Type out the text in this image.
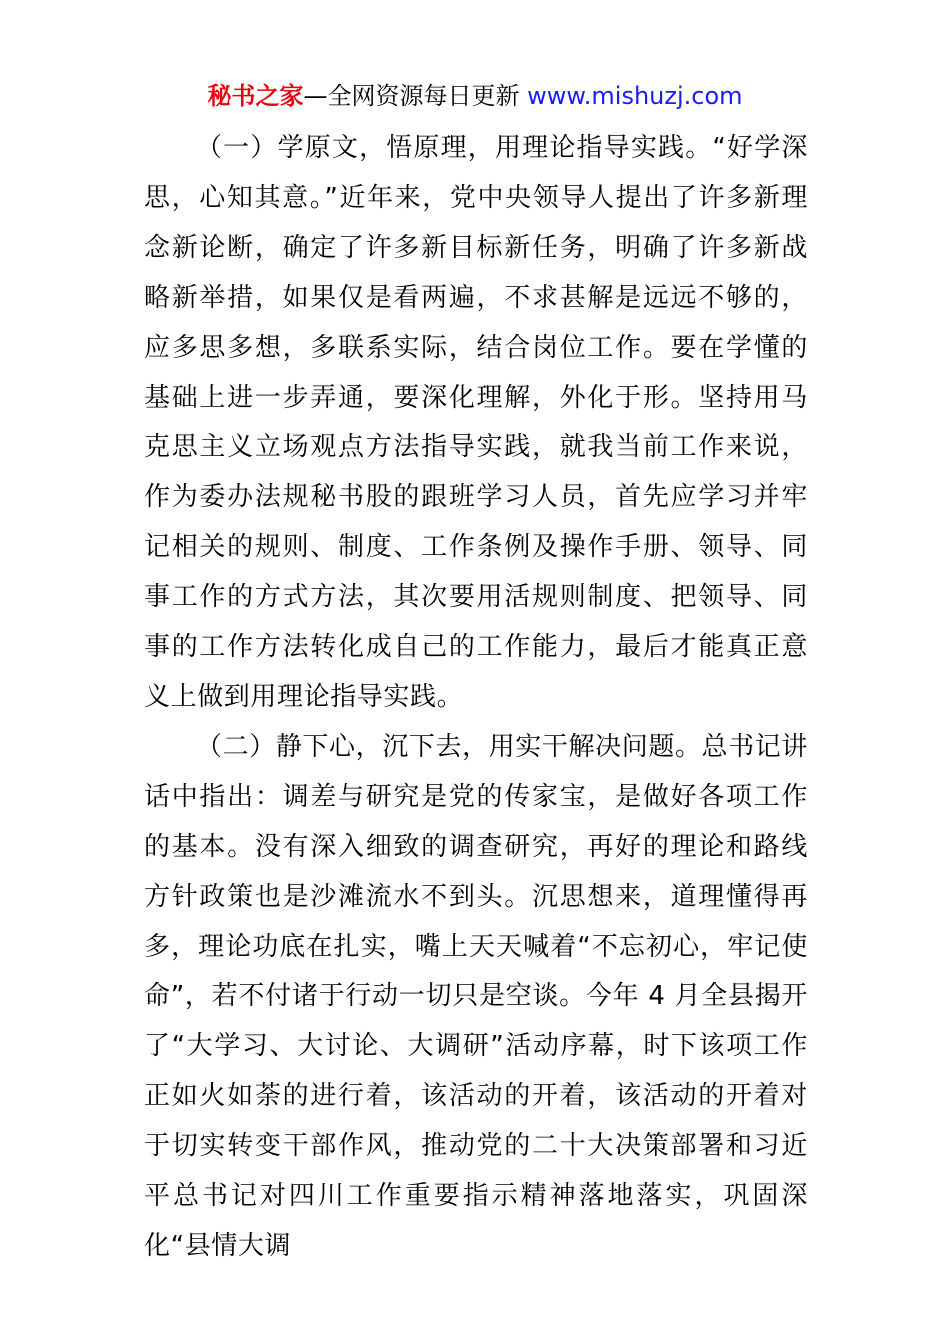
秘书之家—全网资源每日更新 www.mishuzj.com

（一）学原文，悟原理，用理论指导实践。“好学深思，心知其意。”近年来，党中央领导人提出了许多新理念新论断，确定了许多新目标新任务，明确了许多新战略新举措，如果仅是看两遍，不求甚解是远远不够的，应多思多想，多联系实际，结合岗位工作。要在学懂的基础上进一步弄通，要深化理解，外化于形。坚持用马克思主义立场观点方法指导实践，就我当前工作来说，作为委办法规秘书股的跟班学习人员，首先应学习并牢记相关的规则、制度、工作条例及操作手册、领导、同事工作的方式方法，其次要用活规则制度、把领导、同事的工作方法转化成自己的工作能力，最后才能真正意义上做到用理论指导实践。

（二）静下心，沉下去，用实干解决问题。总书记讲话中指出：调差与研究是党的传家宝，是做好各项工作的基本。没有深入细致的调查研究，再好的理论和路线方针政策也是沙滩流水不到头。沉思想来，道理懂得再多，理论功底在扎实，嘴上天天喊着“不忘初心，牢记使命”，若不付诸于行动一切只是空谈。今年 4 月全县揭开了“大学习、大讨论、大调研”活动序幕，时下该项工作正如火如荼的进行着，该活动的开着，该活动的开着对于切实转变干部作风，推动党的二十大决策部署和习近平总书记对四川工作重要指示精神落地落实，巩固深化“县情大调
